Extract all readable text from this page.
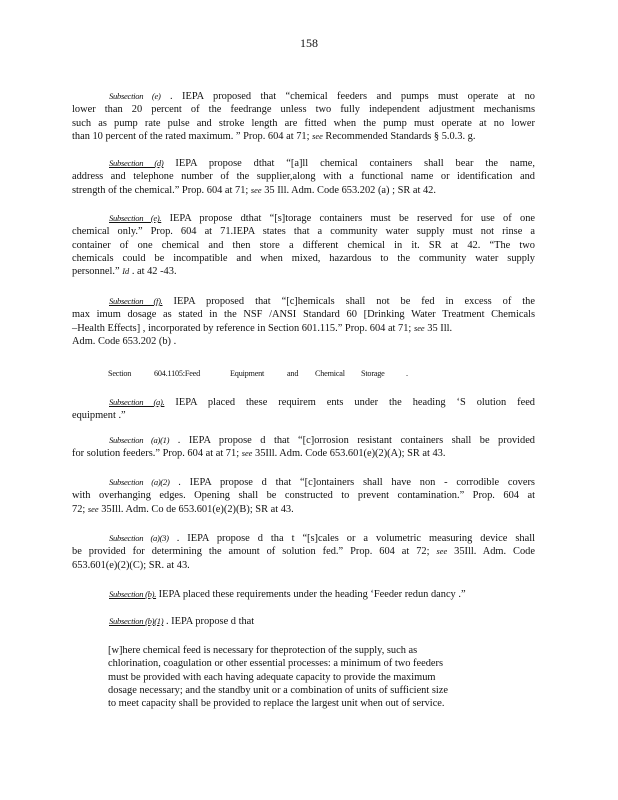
158
Subsection (e) . IEPA proposed that “chemical feeders and pumps must operate at no
lower than 20 percent of the feedrange unless two fully independent adjustment mechanisms
such as pump rate pulse and stroke length are fitted when the pump must operate at no lower
than 10 percent of the rated maximum. ” Prop. 604 at 71; see Recommended Standards § 5.0.3. g.
Subsection (d) IEPA propose dthat “[a]ll chemical containers shall bear the name,
address and telephone number of the supplier,along with a functional name or identification and
strength of the chemical.” Prop. 604 at 71; see 35 Ill. Adm. Code 653.202 (a) ; SR at 42.
Subsection (e). IEPA propose dthat “[s]torage containers must be reserved for use of one
chemical only.” Prop. 604 at 71.IEPA states that a community water supply must not rinse a
container of one chemical and then store a different chemical in it. SR at 42. “The two
chemicals could be incompatible and when mixed, hazardous to the community water supply
personnel.” Id . at 42 -43.
Subsection (f). IEPA proposed that “[c]hemicals shall not be fed in excess of the
max imum dosage as stated in the NSF /ANSI Standard 60 [Drinking Water Treatment Chemicals
–Health Effects] , incorporated by reference in Section 601.115.” Prop. 604 at 71; see 35 Ill.
Adm. Code 653.202 (b) .
Section	604.1105:Feed	Equipment	and Chemical Storage	.
Subsection (a). IEPA placed these requirem ents under the heading ‘S olution feed
equipment .”
Subsection (a)(1) . IEPA propose d that “[c]orrosion resistant containers shall be provided
for solution feeders.” Prop. 604 at at 71; see 35Ill. Adm. Code 653.601(e)(2)(A); SR at 43.
Subsection (a)(2) . IEPA propose d that “[c]ontainers shall have non - corrodible covers
with overhanging edges. Opening shall be constructed to prevent contamination.” Prop. 604 at
72; see 35Ill. Adm. Co de 653.601(e)(2)(B); SR at 43.
Subsection (a)(3) . IEPA propose d tha t “[s]cales or a volumetric measuring device shall
be provided for determining the amount of solution fed.” Prop. 604 at 72; see 35Ill. Adm. Code
653.601(e)(2)(C); SR. at 43.
Subsection (b). IEPA placed these requirements under the heading ‘Feeder redun dancy .”
Subsection (b)(1) . IEPA propose d that
[w]here chemical feed is necessary for theprotection of the supply, such as
chlorination, coagulation or other essential processes: a minimum of two feeders
must be provided with each having adequate capacity to provide the maximum
dosage necessary; and the standby unit or a combination of units of sufficient size
to meet capacity shall be provided to replace the largest unit when out of service.
